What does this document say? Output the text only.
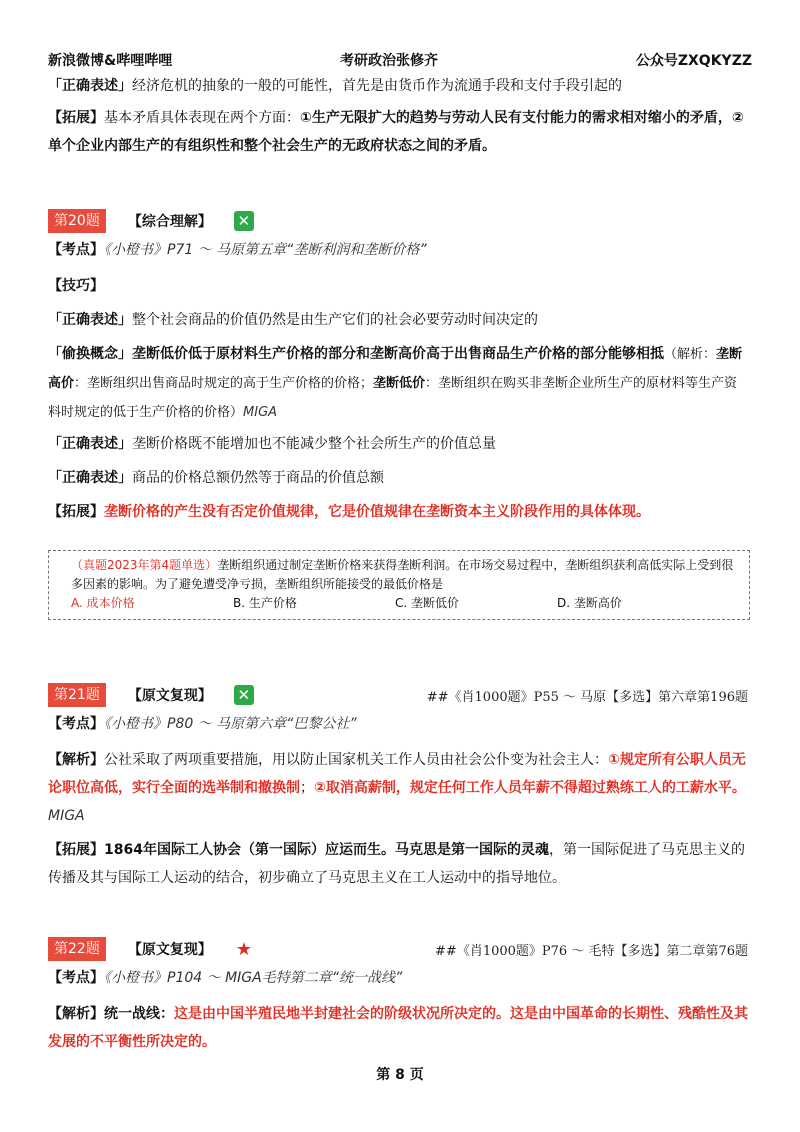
新浪微博&哔哩哔哩	考研政治张修齐	公众号ZXQKYZZ

「正确表述」经济危机的抽象的一般的可能性，首先是由货币作为流通手段和支付手段引起的

【拓展】基本矛盾具体表现在两个方面：①生产无限扩大的趋势与劳动人民有支付能力的需求相对缩小的矛盾，②单个企业内部生产的有组织性和整个社会生产的无政府状态之间的矛盾。

第20题	【综合理解】 ✕

【考点】《小橙书》P71 ～ 马原第五章“垄断利润和垄断价格”

【技巧】

「正确表述」整个社会商品的价值仍然是由生产它们的社会必要劳动时间决定的

「偷换概念」垄断低价低于原材料生产价格的部分和垄断高价高于出售商品生产价格的部分能够相抵（解析：垄断高价：垄断组织出售商品时规定的高于生产价格的价格；垄断低价：垄断组织在购买非垄断企业所生产的原材料等生产资料时规定的低于生产价格的价格）MIGA

「正确表述」垄断价格既不能增加也不能减少整个社会所生产的价值总量

「正确表述」商品的价格总额仍然等于商品的价值总额

【拓展】垄断价格的产生没有否定价值规律，它是价值规律在垄断资本主义阶段作用的具体体现。

（真题2023年第4题单选）垄断组织通过制定垄断价格来获得垄断利润。在市场交易过程中，垄断组织获利高低实际上受到很多因素的影响。为了避免遭受净亏损，垄断组织所能接受的最低价格是
A. 成本价格	B. 生产价格	C. 垄断低价	D. 垄断高价
第21题	【原文复现】 ✕	##《肖1000题》P55 ～ 马原【多选】第六章第196题

【考点】《小橙书》P80 ～ 马原第六章“巴黎公社”

【解析】公社采取了两项重要措施，用以防止国家机关工作人员由社会公仆变为社会主人：①规定所有公职人员无论职位高低，实行全面的选举制和撤换制；②取消高薪制，规定任何工作人员年薪不得超过熟练工人的工薪水平。MIGA

【拓展】1864年国际工人协会（第一国际）应运而生。马克思是第一国际的灵魂，第一国际促进了马克思主义的传播及其与国际工人运动的结合，初步确立了马克思主义在工人运动中的指导地位。

第22题	【原文复现】 ★	##《肖1000题》P76 ～ 毛特【多选】第二章第76题

【考点】《小橙书》P104 ～ MIGA毛特第二章“统一战线”

【解析】统一战线：这是由中国半殖民地半封建社会的阶级状况所决定的。这是由中国革命的长期性、残酷性及其发展的不平衡性所决定的。

第 8 页
